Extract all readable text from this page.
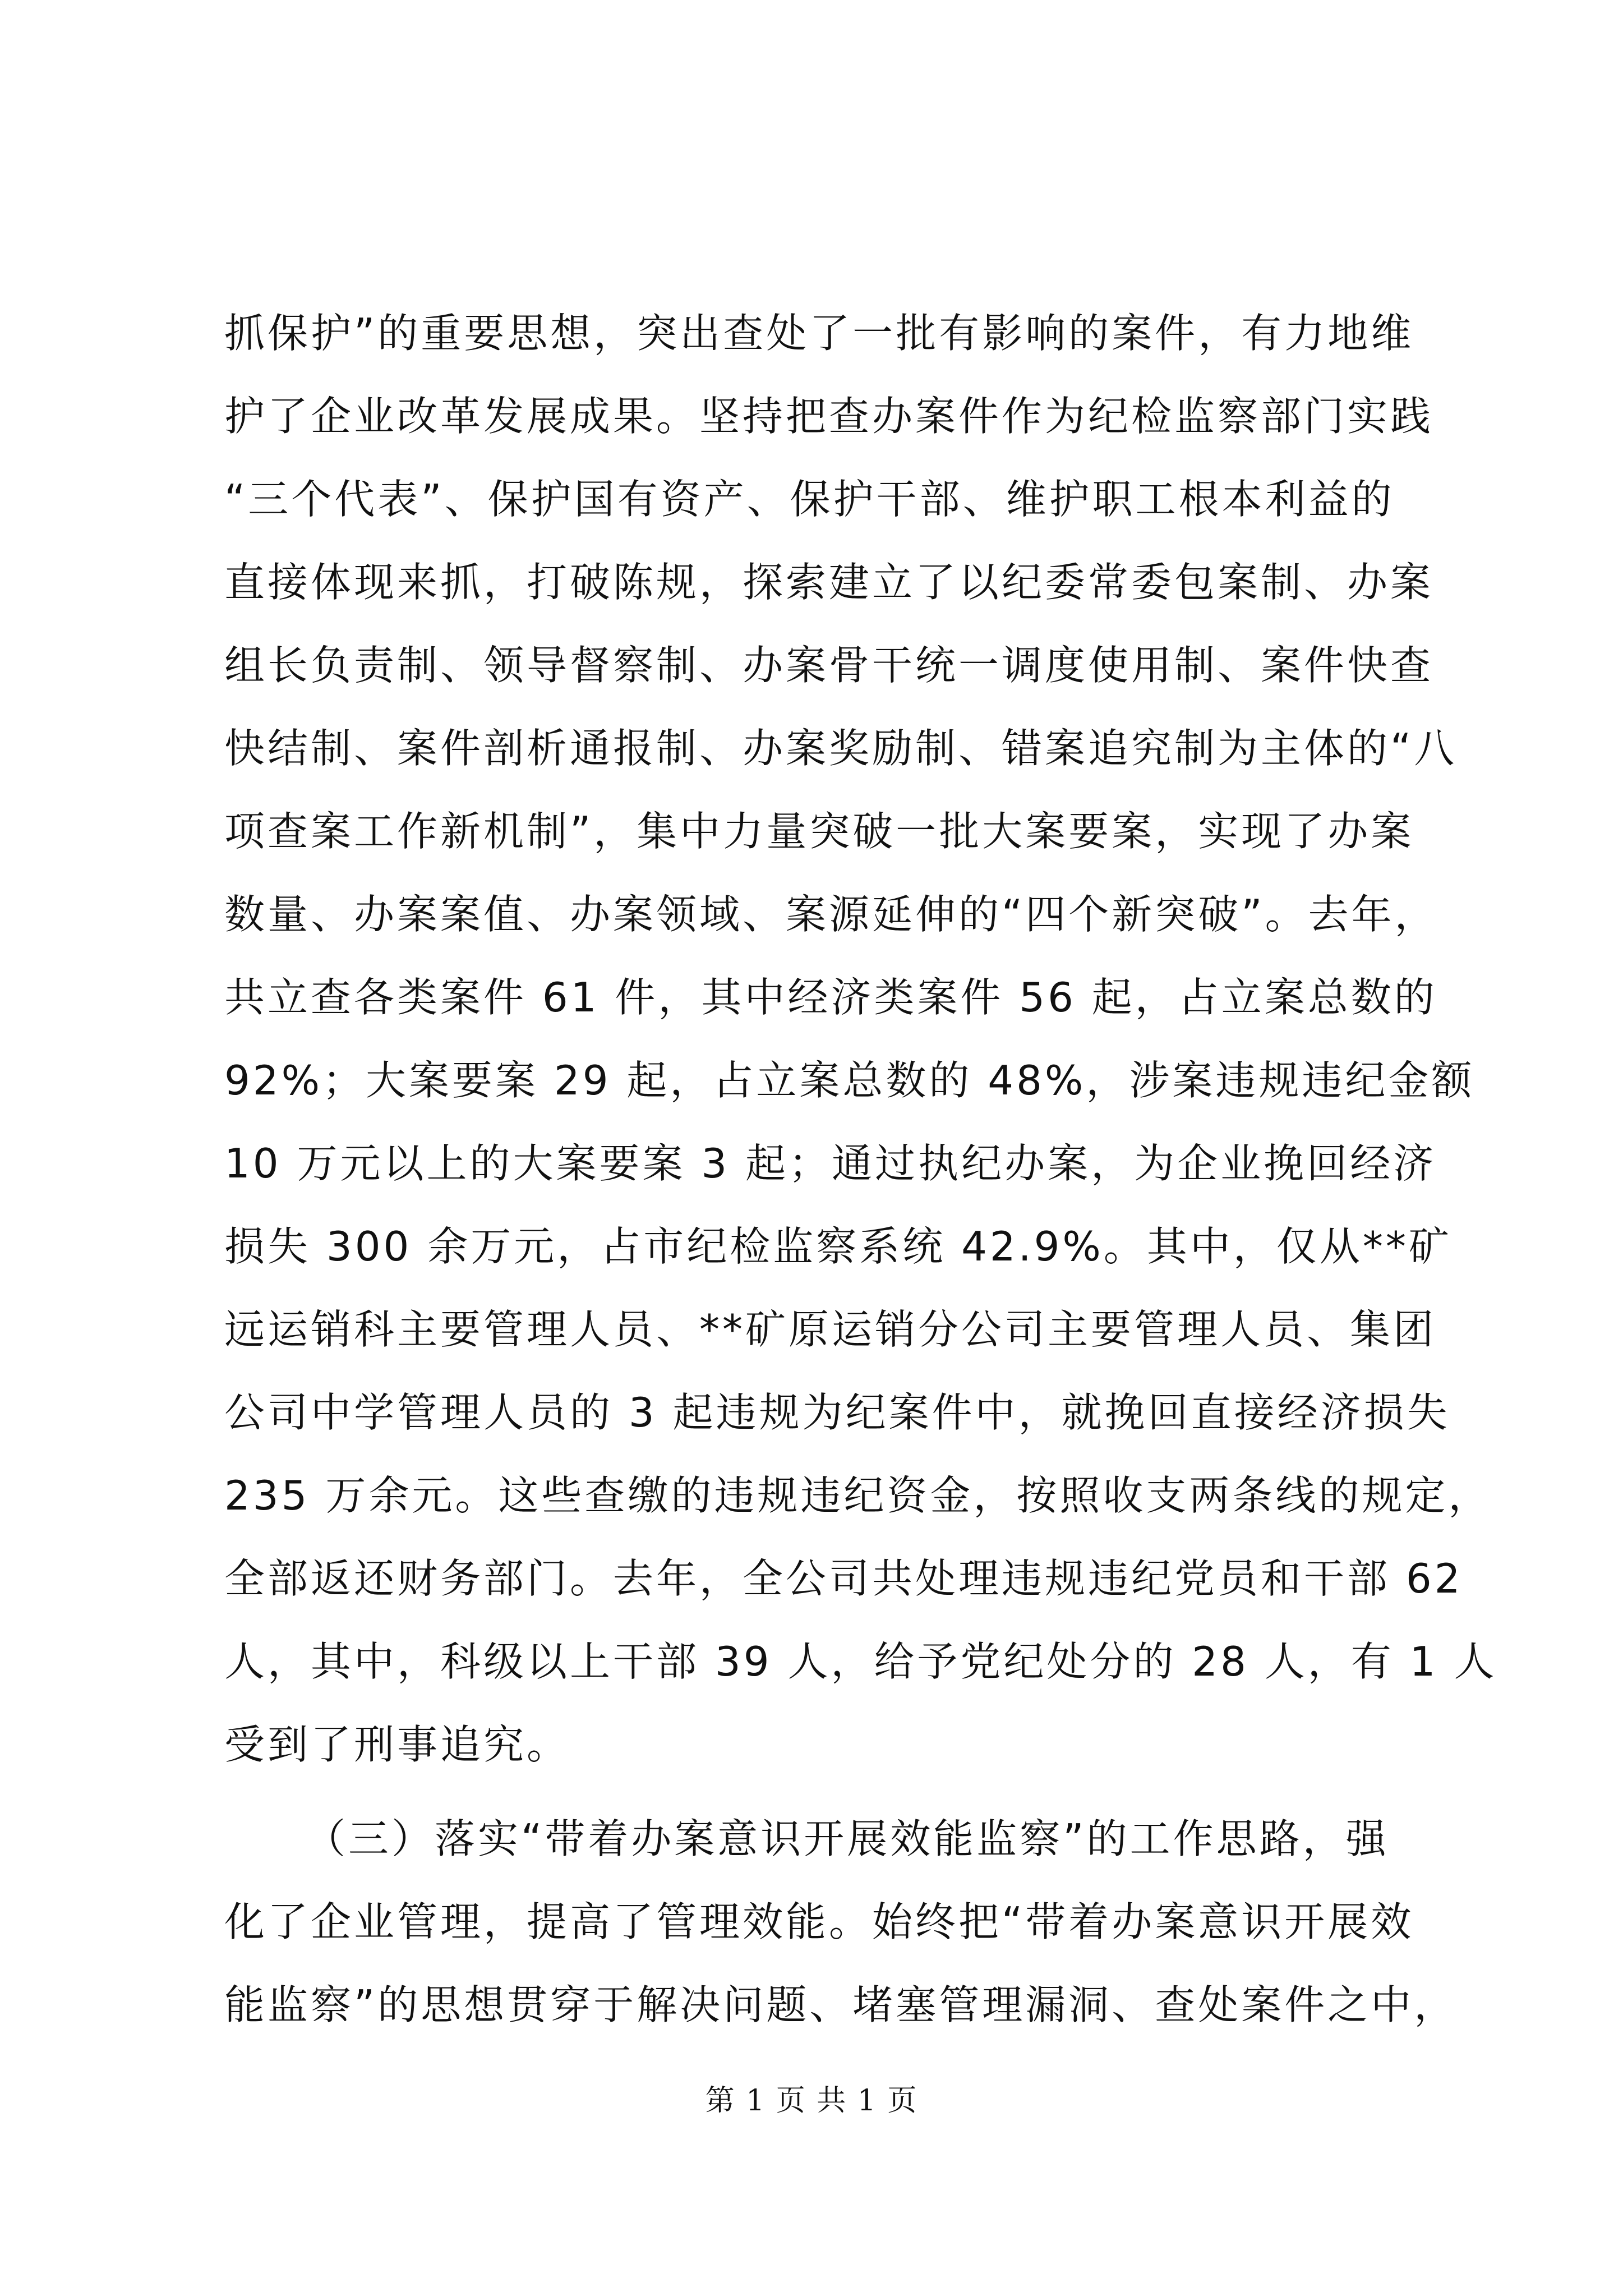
抓保护”的重要思想，突出查处了一批有影响的案件，有力地维
护了企业改革发展成果。坚持把查办案件作为纪检监察部门实践
“三个代表”、保护国有资产、保护干部、维护职工根本利益的
直接体现来抓，打破陈规，探索建立了以纪委常委包案制、办案
组长负责制、领导督察制、办案骨干统一调度使用制、案件快查
快结制、案件剖析通报制、办案奖励制、错案追究制为主体的“八
项查案工作新机制”，集中力量突破一批大案要案，实现了办案
数量、办案案值、办案领域、案源延伸的“四个新突破”。去年，
共立查各类案件 61 件，其中经济类案件 56 起，占立案总数的
92%；大案要案 29 起，占立案总数的 48%，涉案违规违纪金额
10 万元以上的大案要案 3 起；通过执纪办案，为企业挽回经济
损失 300 余万元，占市纪检监察系统 42.9%。其中，仅从**矿
远运销科主要管理人员、**矿原运销分公司主要管理人员、集团
公司中学管理人员的 3 起违规为纪案件中，就挽回直接经济损失
235 万余元。这些查缴的违规违纪资金，按照收支两条线的规定，
全部返还财务部门。去年，全公司共处理违规违纪党员和干部 62
人，其中，科级以上干部 39 人，给予党纪处分的 28 人，有 1 人
受到了刑事追究。
（三）落实“带着办案意识开展效能监察”的工作思路，强
化了企业管理，提高了管理效能。始终把“带着办案意识开展效
能监察”的思想贯穿于解决问题、堵塞管理漏洞、查处案件之中，
第 1 页 共 1 页
